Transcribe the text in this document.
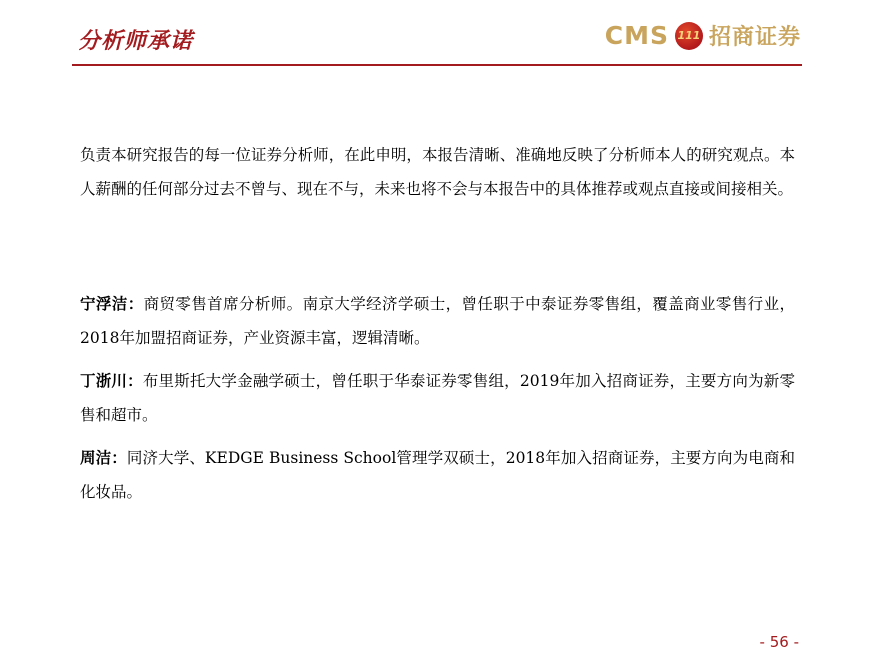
分析师承诺	CMS 111 招商证券

负责本研究报告的每一位证券分析师，在此申明，本报告清晰、准确地反映了分析师本人的研究观点。本人薪酬的任何部分过去不曾与、现在不与，未来也将不会与本报告中的具体推荐或观点直接或间接相关。

宁浮洁：商贸零售首席分析师。南京大学经济学硕士，曾任职于中泰证券零售组，覆盖商业零售行业，2018年加盟招商证券，产业资源丰富，逻辑清晰。

丁浙川：布里斯托大学金融学硕士，曾任职于华泰证券零售组，2019年加入招商证券，主要方向为新零售和超市。

周洁：同济大学、KEDGE Business School管理学双硕士，2018年加入招商证券，主要方向为电商和化妆品。

- 56 -
